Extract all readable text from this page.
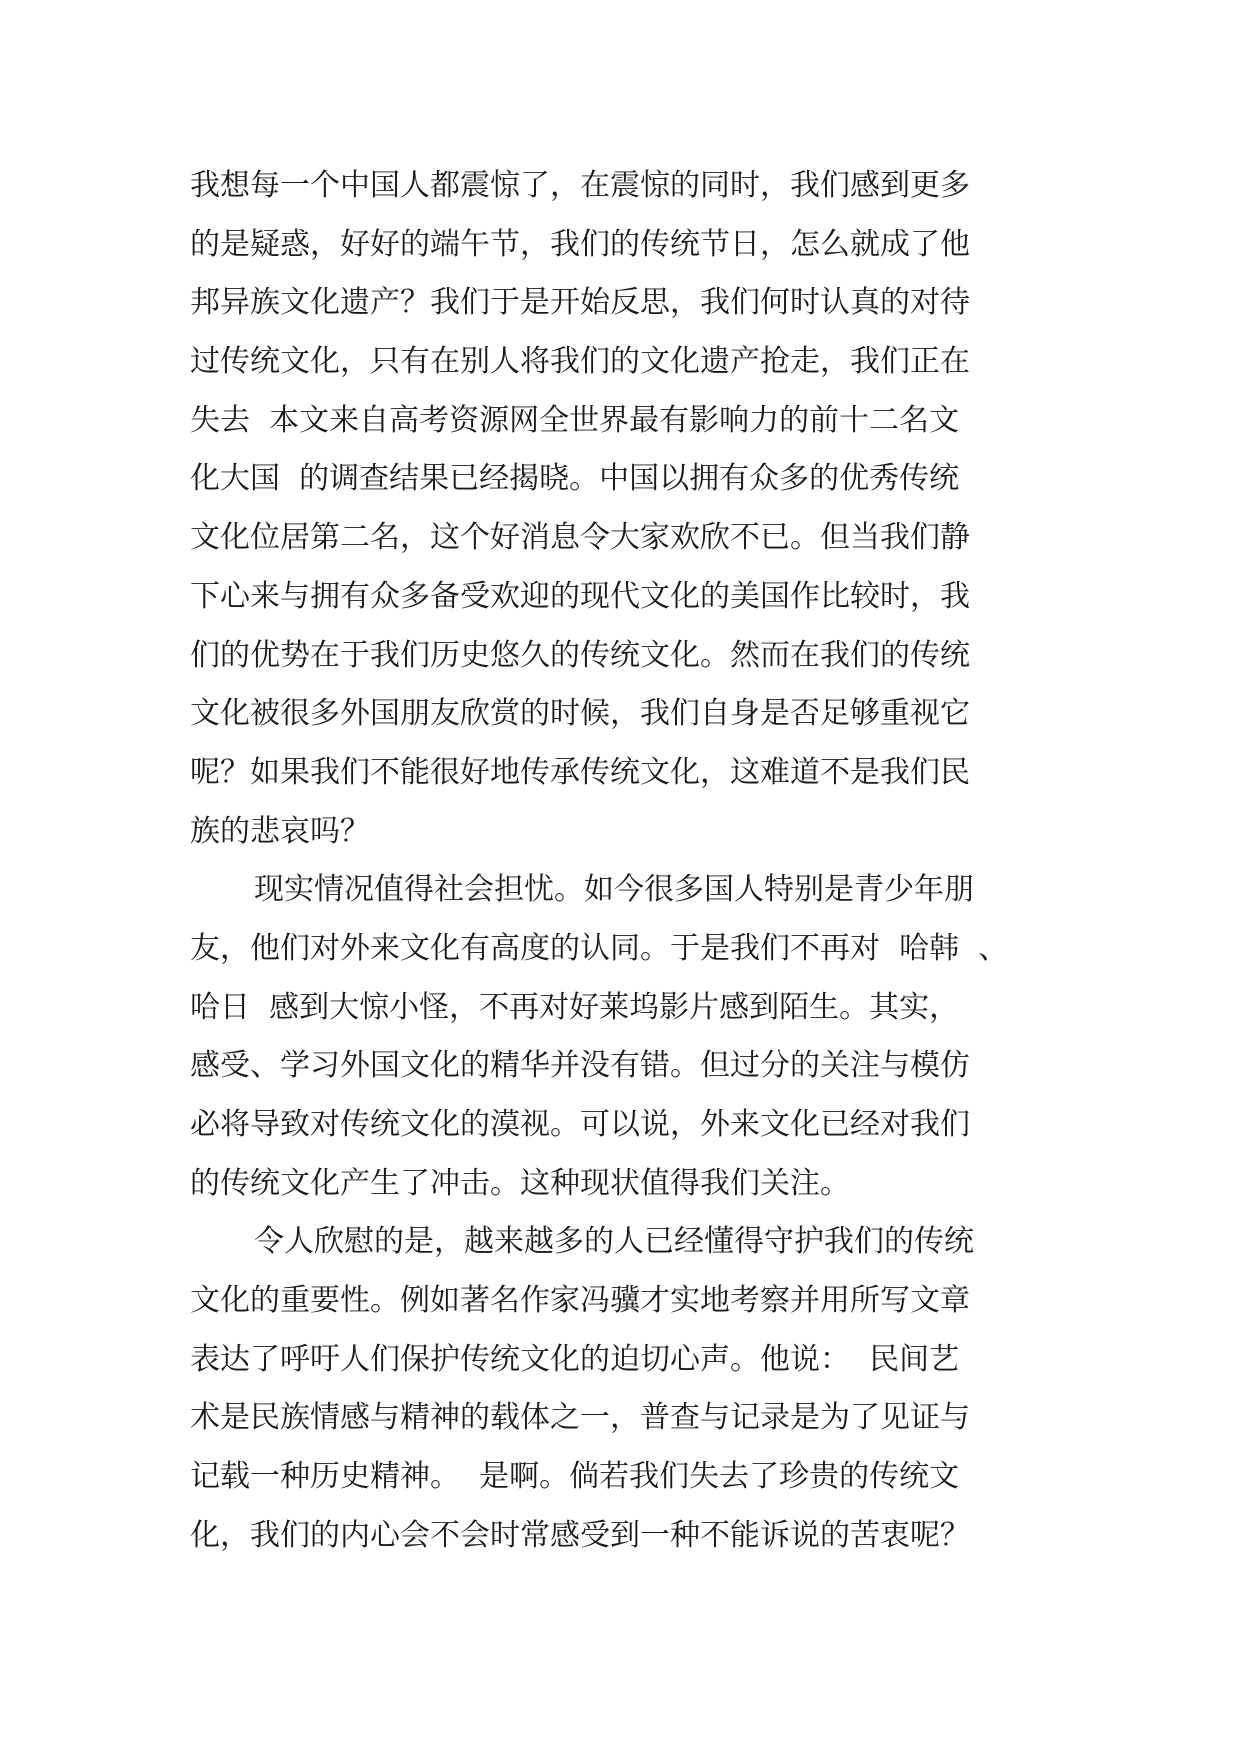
我想每一个中国人都震惊了，在震惊的同时，我们感到更多
的是疑惑，好好的端午节，我们的传统节日，怎么就成了他
邦异族文化遗产？我们于是开始反思，我们何时认真的对待
过传统文化，只有在别人将我们的文化遗产抢走，我们正在
失去  本文来自高考资源网全世界最有影响力的前十二名文
化大国  的调查结果已经揭晓。中国以拥有众多的优秀传统
文化位居第二名，这个好消息令大家欢欣不已。但当我们静
下心来与拥有众多备受欢迎的现代文化的美国作比较时，我
们的优势在于我们历史悠久的传统文化。然而在我们的传统
文化被很多外国朋友欣赏的时候，我们自身是否足够重视它
呢？如果我们不能很好地传承传统文化，这难道不是我们民
族的悲哀吗？
现实情况值得社会担忧。如今很多国人特别是青少年朋
友，他们对外来文化有高度的认同。于是我们不再对  哈韩  、
哈日  感到大惊小怪，不再对好莱坞影片感到陌生。其实，
感受、学习外国文化的精华并没有错。但过分的关注与模仿
必将导致对传统文化的漠视。可以说，外来文化已经对我们
的传统文化产生了冲击。这种现状值得我们关注。
令人欣慰的是，越来越多的人已经懂得守护我们的传统
文化的重要性。例如著名作家冯骥才实地考察并用所写文章
表达了呼吁人们保护传统文化的迫切心声。他说：  民间艺
术是民族情感与精神的载体之一，普查与记录是为了见证与
记载一种历史精神。  是啊。倘若我们失去了珍贵的传统文
化，我们的内心会不会时常感受到一种不能诉说的苦衷呢？
